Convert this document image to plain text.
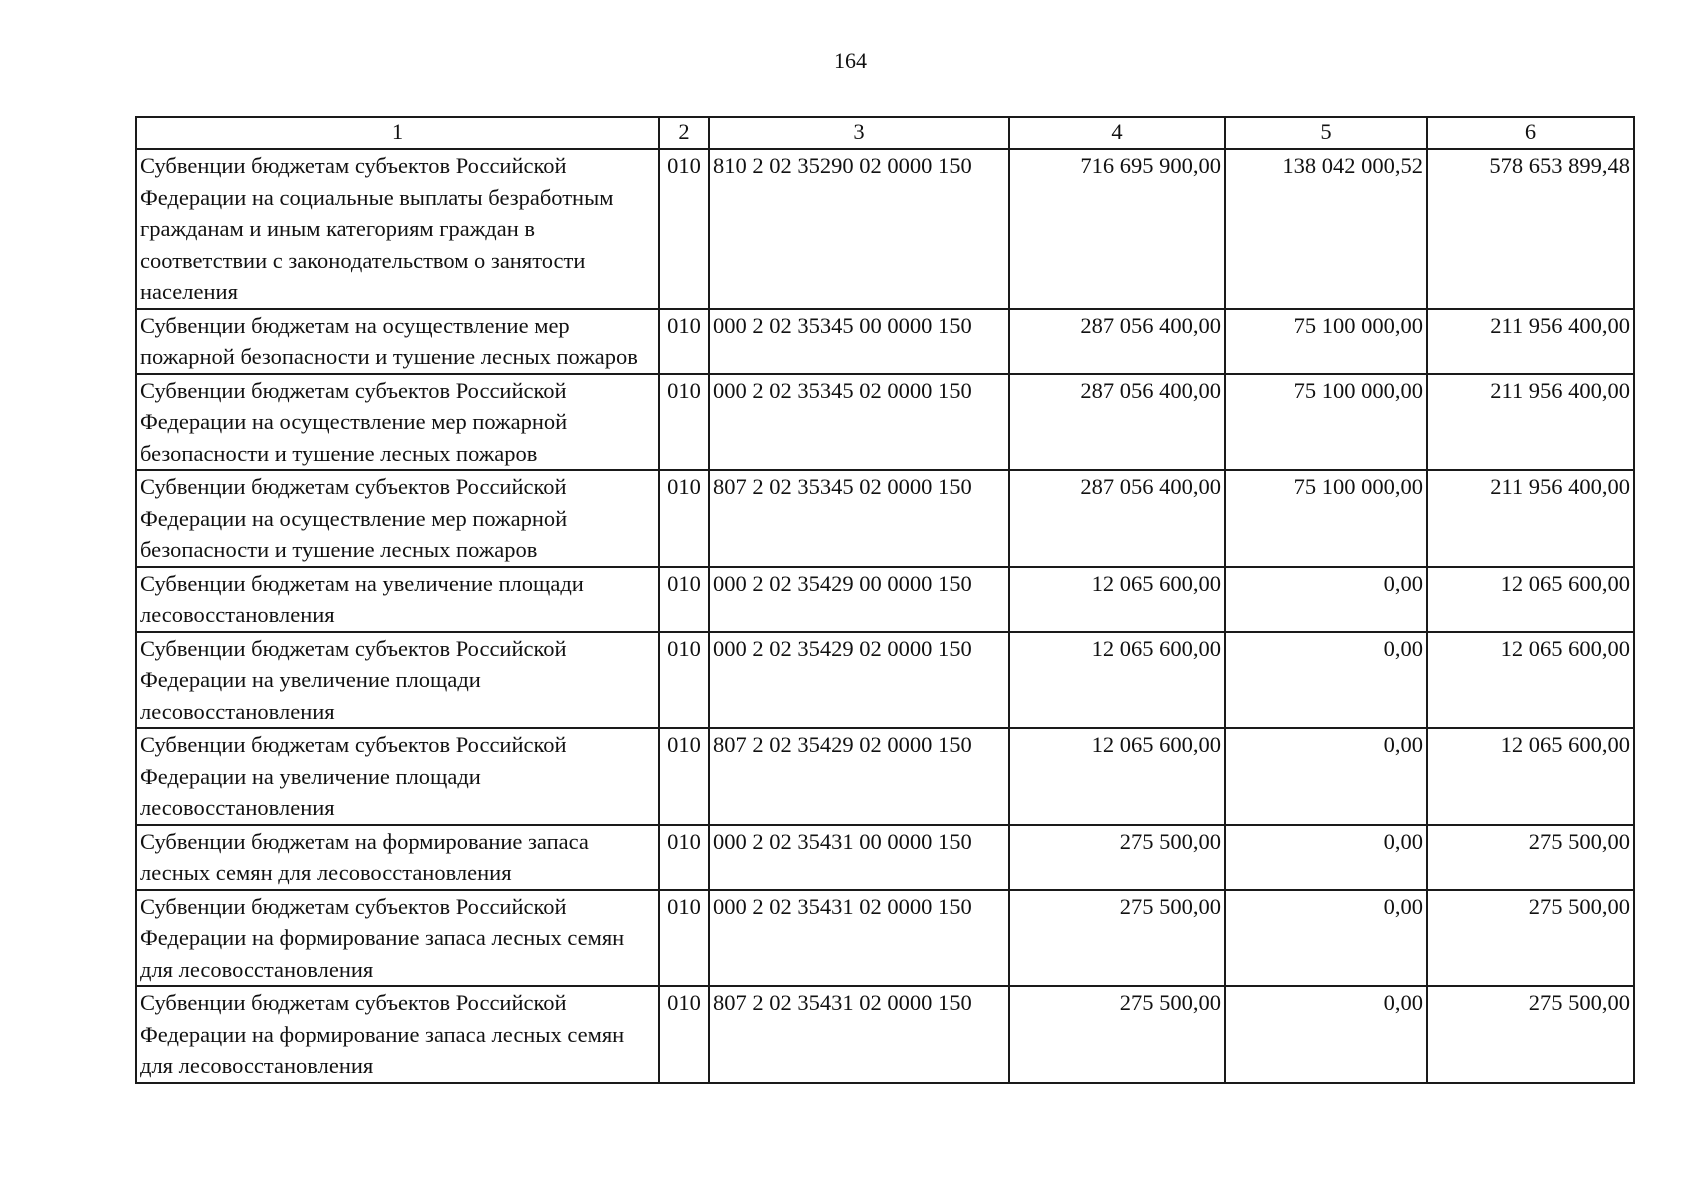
164
1	2	3	4	5	6
Субвенции бюджетам субъектов Российской Федерации на социальные выплаты безработным гражданам и иным категориям граждан в соответствии с законодательством о занятости населения	010	810 2 02 35290 02 0000 150	716 695 900,00	138 042 000,52	578 653 899,48
Субвенции бюджетам на осуществление мер пожарной безопасности и тушение лесных пожаров	010	000 2 02 35345 00 0000 150	287 056 400,00	75 100 000,00	211 956 400,00
Субвенции бюджетам субъектов Российской Федерации на осуществление мер пожарной безопасности и тушение лесных пожаров	010	000 2 02 35345 02 0000 150	287 056 400,00	75 100 000,00	211 956 400,00
Субвенции бюджетам субъектов Российской Федерации на осуществление мер пожарной безопасности и тушение лесных пожаров	010	807 2 02 35345 02 0000 150	287 056 400,00	75 100 000,00	211 956 400,00
Субвенции бюджетам на увеличение площади лесовосстановления	010	000 2 02 35429 00 0000 150	12 065 600,00	0,00	12 065 600,00
Субвенции бюджетам субъектов Российской Федерации на увеличение площади лесовосстановления	010	000 2 02 35429 02 0000 150	12 065 600,00	0,00	12 065 600,00
Субвенции бюджетам субъектов Российской Федерации на увеличение площади лесовосстановления	010	807 2 02 35429 02 0000 150	12 065 600,00	0,00	12 065 600,00
Субвенции бюджетам на формирование запаса лесных семян для лесовосстановления	010	000 2 02 35431 00 0000 150	275 500,00	0,00	275 500,00
Субвенции бюджетам субъектов Российской Федерации на формирование запаса лесных семян для лесовосстановления	010	000 2 02 35431 02 0000 150	275 500,00	0,00	275 500,00
Субвенции бюджетам субъектов Российской Федерации на формирование запаса лесных семян для лесовосстановления	010	807 2 02 35431 02 0000 150	275 500,00	0,00	275 500,00
